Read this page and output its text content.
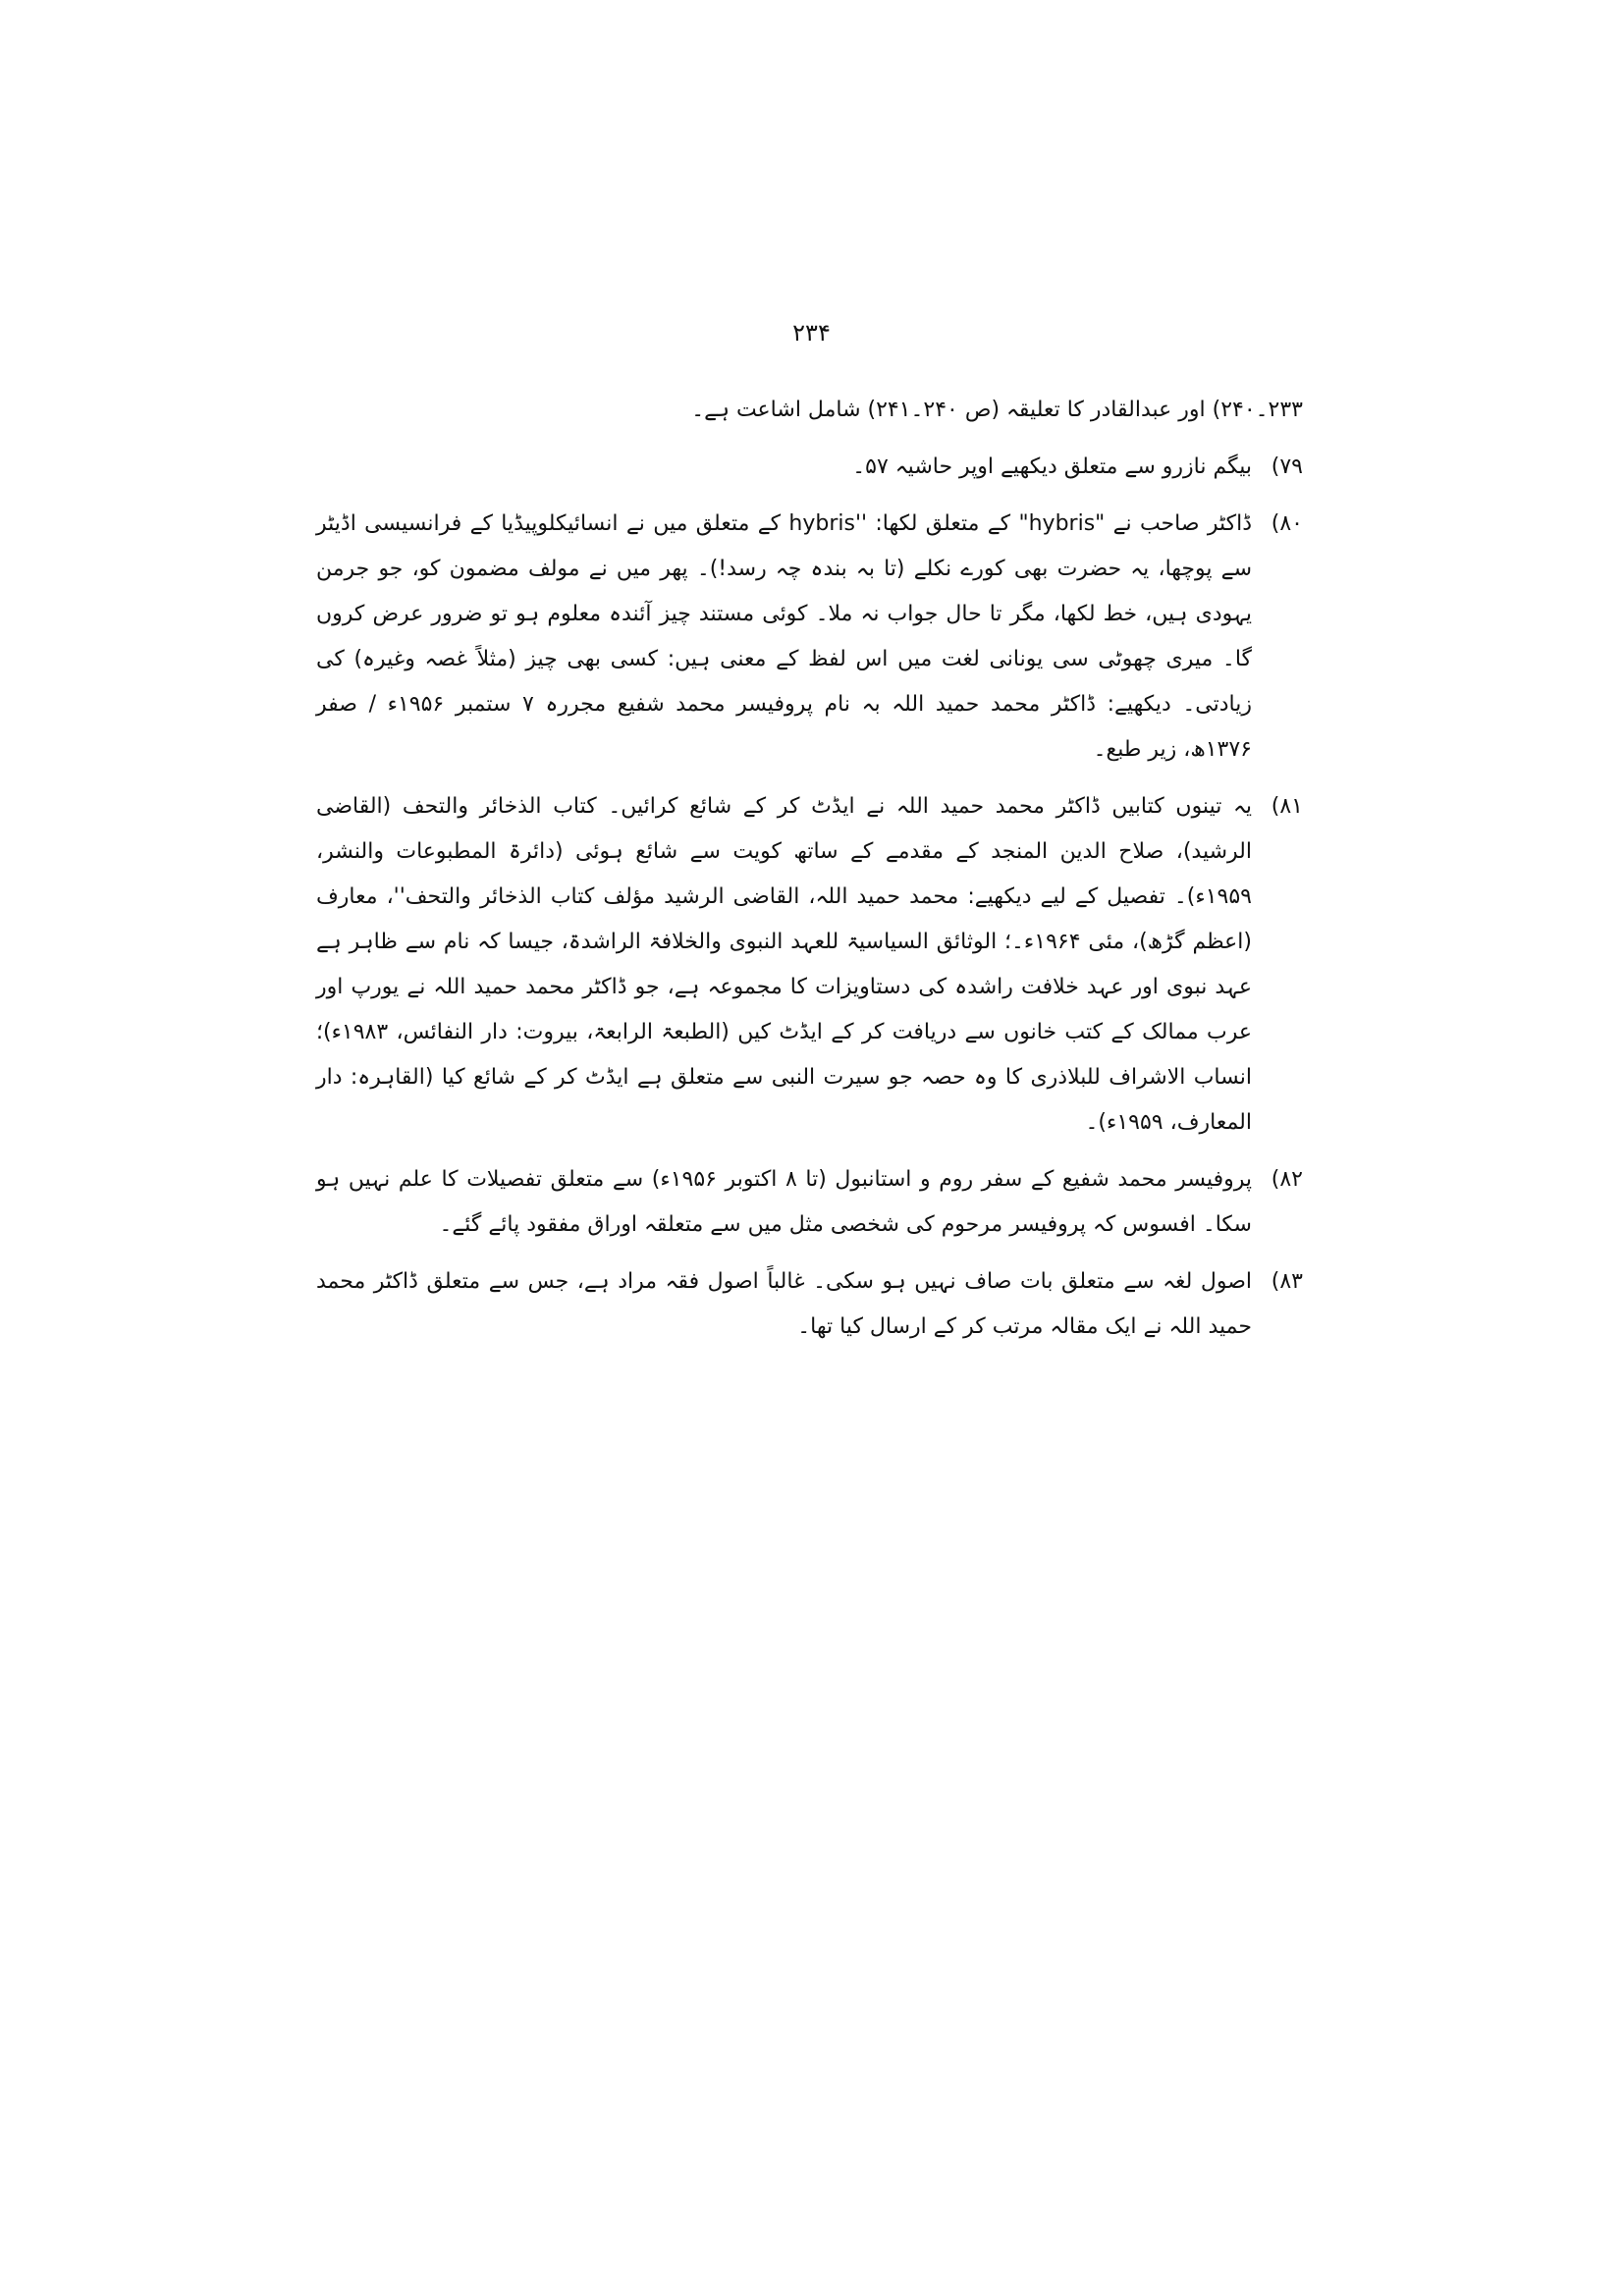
۲۳۴

۲۳۳۔۲۴۰) اور عبدالقادر کا تعلیقہ (ص ۲۴۰۔۲۴۱) شامل اشاعت ہے۔

۷۹)
بیگم نازرو سے متعلق دیکھیے اوپر حاشیہ ۵۷۔
۸۰)
ڈاکٹر صاحب نے "hybris" کے متعلق لکھا: ''hybris کے متعلق میں نے انسائیکلوپیڈیا کے فرانسیسی اڈیٹر سے پوچھا، یہ حضرت بھی کورے نکلے (تا بہ بندہ چہ رسد!)۔ پھر میں نے مولف مضمون کو، جو جرمن یہودی ہیں، خط لکھا، مگر تا حال جواب نہ ملا۔ کوئی مستند چیز آئندہ معلوم ہو تو ضرور عرض کروں گا۔ میری چھوٹی سی یونانی لغت میں اس لفظ کے معنی ہیں: کسی بھی چیز (مثلاً غصہ وغیرہ) کی زیادتی۔ دیکھیے: ڈاکٹر محمد حمید اللہ بہ نام پروفیسر محمد شفیع مجررہ ۷ ستمبر ۱۹۵۶ء / صفر ۱۳۷۶ھ، زیر طبع۔
۸۱)
یہ تینوں کتابیں ڈاکٹر محمد حمید اللہ نے ایڈٹ کر کے شائع کرائیں۔ کتاب الذخائر والتحف (القاضی الرشید)، صلاح الدین المنجد کے مقدمے کے ساتھ کویت سے شائع ہوئی (دائرۃ المطبوعات والنشر، ۱۹۵۹ء)۔ تفصیل کے لیے دیکھیے: محمد حمید اللہ، القاضی الرشید مؤلف کتاب الذخائر والتحف''، معارف (اعظم گڑھ)، مئی ۱۹۶۴ء۔؛ الوثائق السیاسیۃ للعہد النبوی والخلافۃ الراشدۃ، جیسا کہ نام سے ظاہر ہے عہد نبوی اور عہد خلافت راشدہ کی دستاویزات کا مجموعہ ہے، جو ڈاکٹر محمد حمید اللہ نے یورپ اور عرب ممالک کے کتب خانوں سے دریافت کر کے ایڈٹ کیں (الطبعۃ الرابعۃ، بیروت: دار النفائس، ۱۹۸۳ء)؛ انساب الاشراف للبلاذری کا وہ حصہ جو سیرت النبی سے متعلق ہے ایڈٹ کر کے شائع کیا (القاہرہ: دار المعارف، ۱۹۵۹ء)۔
۸۲)
پروفیسر محمد شفیع کے سفر روم و استانبول (تا ۸ اکتوبر ۱۹۵۶ء) سے متعلق تفصیلات کا علم نہیں ہو سکا۔ افسوس کہ پروفیسر مرحوم کی شخصی مثل میں سے متعلقہ اوراق مفقود پائے گئے۔
۸۳)
اصول لغہ سے متعلق بات صاف نہیں ہو سکی۔ غالباً اصول فقہ مراد ہے، جس سے متعلق ڈاکٹر محمد حمید اللہ نے ایک مقالہ مرتب کر کے ارسال کیا تھا۔
